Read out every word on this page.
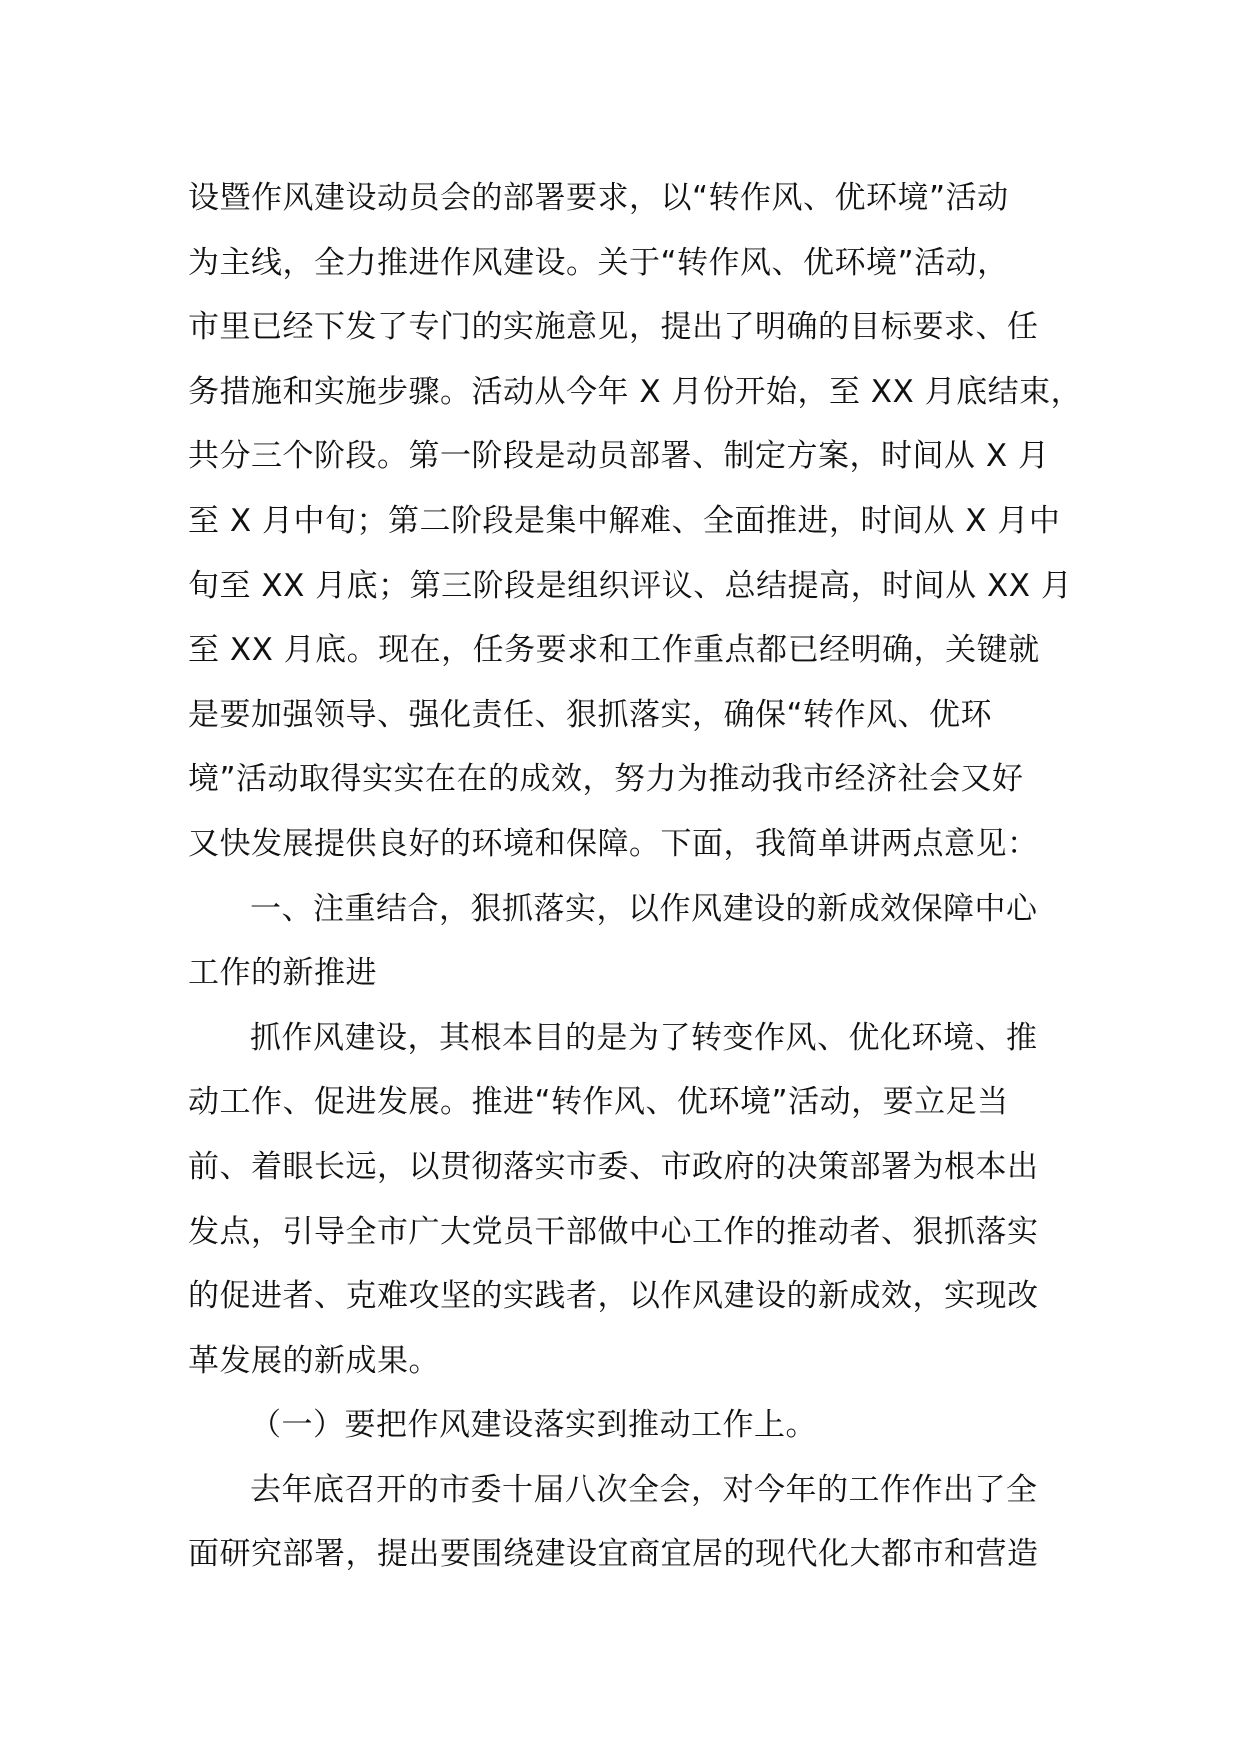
设暨作风建设动员会的部署要求，以“转作风、优环境”活动
为主线，全力推进作风建设。关于“转作风、优环境”活动，
市里已经下发了专门的实施意见，提出了明确的目标要求、任
务措施和实施步骤。活动从今年 X 月份开始，至 XX 月底结束，
共分三个阶段。第一阶段是动员部署、制定方案，时间从 X 月
至 X 月中旬；第二阶段是集中解难、全面推进，时间从 X 月中
旬至 XX 月底；第三阶段是组织评议、总结提高，时间从 XX 月
至 XX 月底。现在，任务要求和工作重点都已经明确，关键就
是要加强领导、强化责任、狠抓落实，确保“转作风、优环
境”活动取得实实在在的成效，努力为推动我市经济社会又好
又快发展提供良好的环境和保障。下面，我简单讲两点意见：
一、注重结合，狠抓落实，以作风建设的新成效保障中心
工作的新推进
抓作风建设，其根本目的是为了转变作风、优化环境、推
动工作、促进发展。推进“转作风、优环境”活动，要立足当
前、着眼长远，以贯彻落实市委、市政府的决策部署为根本出
发点，引导全市广大党员干部做中心工作的推动者、狠抓落实
的促进者、克难攻坚的实践者，以作风建设的新成效，实现改
革发展的新成果。
（一）要把作风建设落实到推动工作上。
去年底召开的市委十届八次全会，对今年的工作作出了全
面研究部署，提出要围绕建设宜商宜居的现代化大都市和营造
